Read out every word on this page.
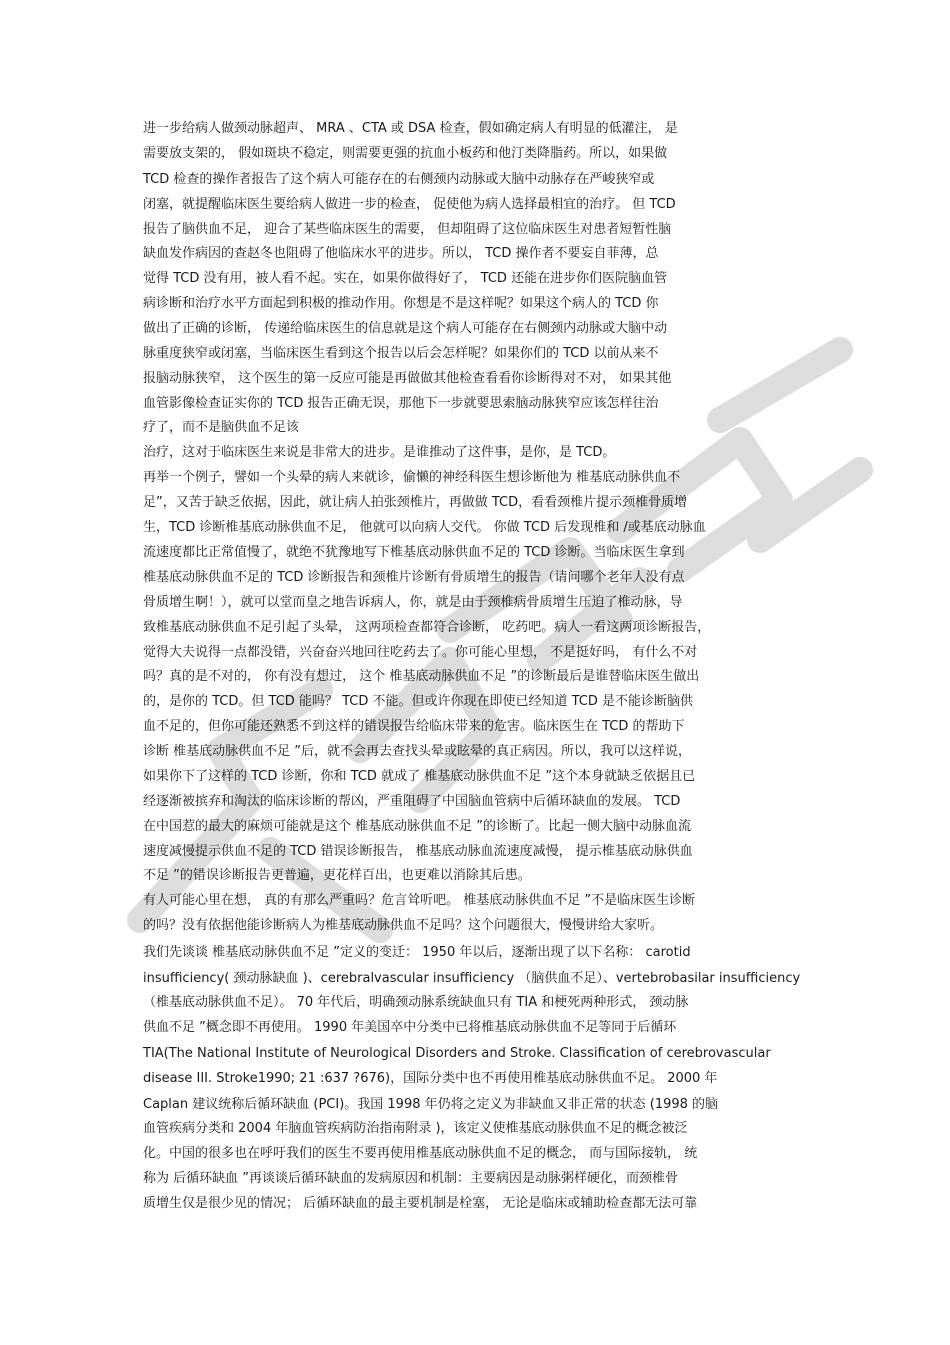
进一步给病人做颈动脉超声、 MRA 、CTA 或 DSA 检查，假如确定病人有明显的低灌注， 是
需要放支架的， 假如斑块不稳定，则需要更强的抗血小板药和他汀类降脂药。所以，如果做
TCD 检查的操作者报告了这个病人可能存在的右侧颈内动脉或大脑中动脉存在严峻狭窄或
闭塞，就提醒临床医生要给病人做进一步的检查， 促使他为病人选择最相宜的治疗。 但 TCD
报告了脑供血不足， 迎合了某些临床医生的需要， 但却阻碍了这位临床医生对患者短暂性脑
缺血发作病因的查赵冬也阻碍了他临床水平的进步。所以， TCD 操作者不要妄自菲薄，总
觉得 TCD 没有用，被人看不起。实在，如果你做得好了， TCD 还能在进步你们医院脑血管
病诊断和治疗水平方面起到积极的推动作用。你想是不是这样呢？如果这个病人的 TCD 你
做出了正确的诊断， 传递给临床医生的信息就是这个病人可能存在右侧颈内动脉或大脑中动
脉重度狭窄或闭塞，当临床医生看到这个报告以后会怎样呢？如果你们的 TCD 以前从来不
报脑动脉狭窄， 这个医生的第一反应可能是再做做其他检查看看你诊断得对不对， 如果其他
血管影像检查证实你的 TCD 报告正确无误，那他下一步就要思索脑动脉狭窄应该怎样往治
疗了，而不是脑供血不足该
治疗，这对于临床医生来说是非常大的进步。是谁推动了这件事，是你，是 TCD。
再举一个例子，譬如一个头晕的病人来就诊，偷懒的神经科医生想诊断他为 椎基底动脉供血不
足”，又苦于缺乏依据，因此，就让病人拍张颈椎片，再做做 TCD，看看颈椎片提示颈椎骨质增
生，TCD 诊断椎基底动脉供血不足， 他就可以向病人交代。 你做 TCD 后发现椎和 /或基底动脉血
流速度都比正常值慢了，就绝不犹豫地写下椎基底动脉供血不足的 TCD 诊断。当临床医生拿到
椎基底动脉供血不足的 TCD 诊断报告和颈椎片诊断有骨质增生的报告（请问哪个老年人没有点
骨质增生啊！），就可以堂而皇之地告诉病人，你，就是由于颈椎病骨质增生压迫了椎动脉，导
致椎基底动脉供血不足引起了头晕， 这两项检查都符合诊断， 吃药吧。病人一看这两项诊断报告，
觉得大夫说得一点都没错，兴奋奋兴地回往吃药去了。你可能心里想， 不是挺好吗， 有什么不对
吗？真的是不对的， 你有没有想过， 这个 椎基底动脉供血不足 ”的诊断最后是谁替临床医生做出
的，是你的 TCD。但 TCD 能吗？ TCD 不能。但或许你现在即使已经知道 TCD 是不能诊断脑供
血不足的，但你可能还熟悉不到这样的错误报告给临床带来的危害。临床医生在 TCD 的帮助下
诊断 椎基底动脉供血不足 ”后，就不会再去查找头晕或眩晕的真正病因。所以，我可以这样说，
如果你下了这样的 TCD 诊断，你和 TCD 就成了 椎基底动脉供血不足 ”这个本身就缺乏依据且已
经逐渐被摈弃和淘汰的临床诊断的帮凶，严重阻碍了中国脑血管病中后循环缺血的发展。 TCD
在中国惹的最大的麻烦可能就是这个 椎基底动脉供血不足 ”的诊断了。比起一侧大脑中动脉血流
速度减慢提示供血不足的 TCD 错误诊断报告， 椎基底动脉血流速度减慢， 提示椎基底动脉供血
不足 ”的错误诊断报告更普遍，更花样百出，也更难以消除其后患。
有人可能心里在想， 真的有那么严重吗？危言耸听吧。 椎基底动脉供血不足 ”不是临床医生诊断
的吗？没有依据他能诊断病人为椎基底动脉供血不足吗？这个问题很大，慢慢讲给大家听。
我们先谈谈 椎基底动脉供血不足 ”定义的变迁： 1950 年以后，逐渐出现了以下名称： carotid
insufficiency( 颈动脉缺血 )、cerebralvascular insufficiency （脑供血不足）、vertebrobasilar insufficiency
（椎基底动脉供血不足）。 70 年代后，明确颈动脉系统缺血只有 TIA 和梗死两种形式， 颈动脉
供血不足 ”概念即不再使用。 1990 年美国卒中分类中已将椎基底动脉供血不足等同于后循环
TIA(The National Institute of Neurological Disorders and Stroke. Classification of cerebrovascular
disease III. Stroke1990; 21 :637 ?676)，国际分类中也不再使用椎基底动脉供血不足。 2000 年
Caplan 建议统称后循环缺血 (PCI)。我国 1998 年仍将之定义为非缺血又非正常的状态 (1998 的脑
血管疾病分类和 2004 年脑血管疾病防治指南附录 )，该定义使椎基底动脉供血不足的概念被泛
化。中国的很多也在呼吁我们的医生不要再使用椎基底动脉供血不足的概念， 而与国际接轨， 统
称为 后循环缺血 ”再谈谈后循环缺血的发病原因和机制：主要病因是动脉粥样硬化，而颈椎骨
质增生仅是很少见的情况； 后循环缺血的最主要机制是栓塞， 无论是临床或辅助检查都无法可靠
